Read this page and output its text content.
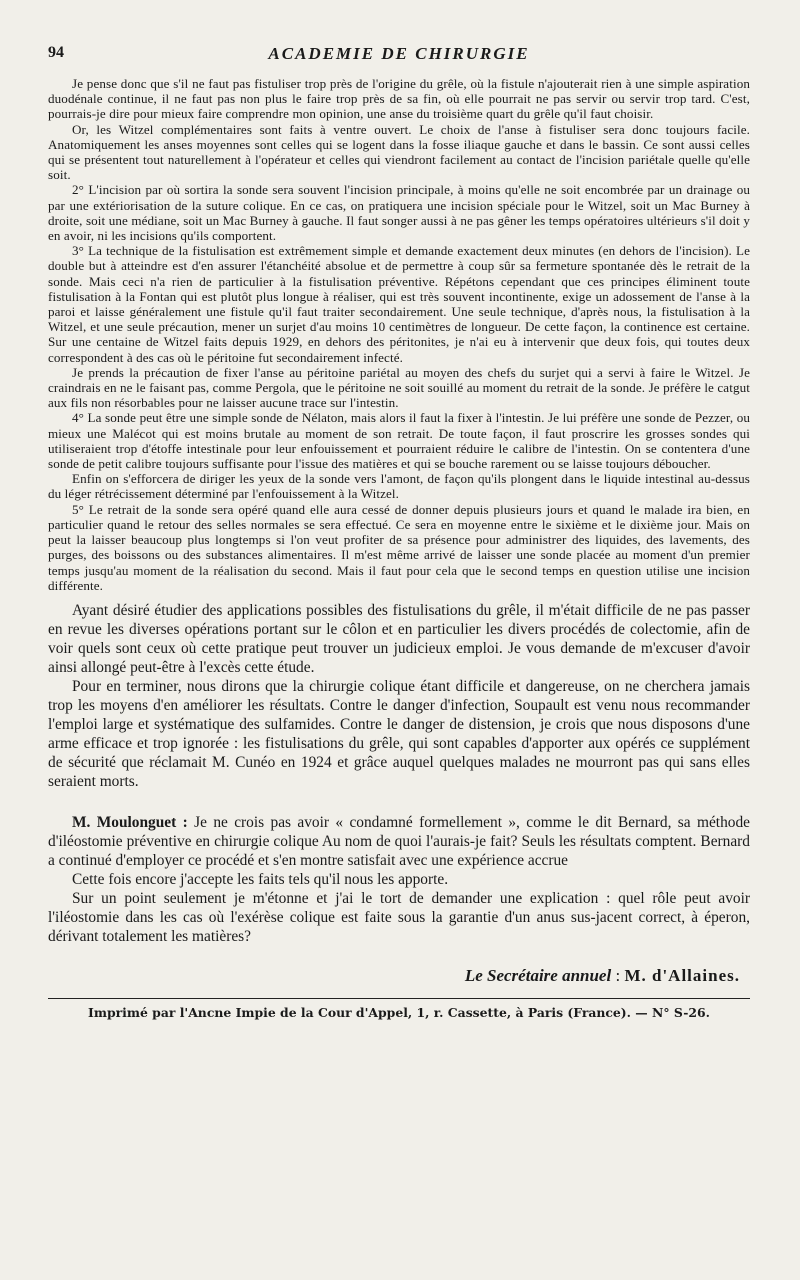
94	ACADEMIE DE CHIRURGIE

Je pense donc que s'il ne faut pas fistuliser trop près de l'origine du grêle, où la fistule n'ajouterait rien à une simple aspiration duodénale continue, il ne faut pas non plus le faire trop près de sa fin, où elle pourrait ne pas servir ou servir trop tard. C'est, pourrais-je dire pour mieux faire comprendre mon opinion, une anse du troisième quart du grêle qu'il faut choisir.

Or, les Witzel complémentaires sont faits à ventre ouvert. Le choix de l'anse à fistuliser sera donc toujours facile. Anatomiquement les anses moyennes sont celles qui se logent dans la fosse iliaque gauche et dans le bassin. Ce sont aussi celles qui se présentent tout naturellement à l'opérateur et celles qui viendront facilement au contact de l'incision pariétale quelle qu'elle soit.

2° L'incision par où sortira la sonde sera souvent l'incision principale, à moins qu'elle ne soit encombrée par un drainage ou par une extériorisation de la suture colique. En ce cas, on pratiquera une incision spéciale pour le Witzel, soit un Mac Burney à droite, soit une médiane, soit un Mac Burney à gauche. Il faut songer aussi à ne pas gêner les temps opératoires ultérieurs s'il doit y en avoir, ni les incisions qu'ils comportent.

3° La technique de la fistulisation est extrêmement simple et demande exactement deux minutes (en dehors de l'incision). Le double but à atteindre est d'en assurer l'étanchéité absolue et de permettre à coup sûr sa fermeture spontanée dès le retrait de la sonde. Mais ceci n'a rien de particulier à la fistulisation préventive. Répétons cependant que ces principes éliminent toute fistulisation à la Fontan qui est plutôt plus longue à réaliser, qui est très souvent incontinente, exige un adossement de l'anse à la paroi et laisse généralement une fistule qu'il faut traiter secondairement. Une seule technique, d'après nous, la fistulisation à la Witzel, et une seule précaution, mener un surjet d'au moins 10 centimètres de longueur. De cette façon, la continence est certaine. Sur une centaine de Witzel faits depuis 1929, en dehors des péritonites, je n'ai eu à intervenir que deux fois, qui toutes deux correspondent à des cas où le péritoine fut secondairement infecté.

Je prends la précaution de fixer l'anse au péritoine pariétal au moyen des chefs du surjet qui a servi à faire le Witzel. Je craindrais en ne le faisant pas, comme Pergola, que le péritoine ne soit souillé au moment du retrait de la sonde. Je préfère le catgut aux fils non résorbables pour ne laisser aucune trace sur l'intestin.

4° La sonde peut être une simple sonde de Nélaton, mais alors il faut la fixer à l'intestin. Je lui préfère une sonde de Pezzer, ou mieux une Malécot qui est moins brutale au moment de son retrait. De toute façon, il faut proscrire les grosses sondes qui utiliseraient trop d'étoffe intestinale pour leur enfouissement et pourraient réduire le calibre de l'intestin. On se contentera d'une sonde de petit calibre toujours suffisante pour l'issue des matières et qui se bouche rarement ou se laisse toujours déboucher.

Enfin on s'efforcera de diriger les yeux de la sonde vers l'amont, de façon qu'ils plongent dans le liquide intestinal au-dessus du léger rétrécissement déterminé par l'enfouissement à la Witzel.

5° Le retrait de la sonde sera opéré quand elle aura cessé de donner depuis plusieurs jours et quand le malade ira bien, en particulier quand le retour des selles normales se sera effectué. Ce sera en moyenne entre le sixième et le dixième jour. Mais on peut la laisser beaucoup plus longtemps si l'on veut profiter de sa présence pour administrer des liquides, des lavements, des purges, des boissons ou des substances alimentaires. Il m'est même arrivé de laisser une sonde placée au moment d'un premier temps jusqu'au moment de la réalisation du second. Mais il faut pour cela que le second temps en question utilise une incision différente.

Ayant désiré étudier des applications possibles des fistulisations du grêle, il m'était difficile de ne pas passer en revue les diverses opérations portant sur le côlon et en particulier les divers procédés de colectomie, afin de voir quels sont ceux où cette pratique peut trouver un judicieux emploi. Je vous demande de m'excuser d'avoir ainsi allongé peut-être à l'excès cette étude.

Pour en terminer, nous dirons que la chirurgie colique étant difficile et dangereuse, on ne cherchera jamais trop les moyens d'en améliorer les résultats. Contre le danger d'infection, Soupault est venu nous recommander l'emploi large et systématique des sulfamides. Contre le danger de distension, je crois que nous disposons d'une arme efficace et trop ignorée : les fistulisations du grêle, qui sont capables d'apporter aux opérés ce supplément de sécurité que réclamait M. Cunéo en 1924 et grâce auquel quelques malades ne mourront pas qui sans elles seraient morts.

M. Moulonguet : Je ne crois pas avoir « condamné formellement », comme le dit Bernard, sa méthode d'iléostomie préventive en chirurgie colique Au nom de quoi l'aurais-je fait? Seuls les résultats comptent. Bernard a continué d'employer ce procédé et s'en montre satisfait avec une expérience accrue

Cette fois encore j'accepte les faits tels qu'il nous les apporte.

Sur un point seulement je m'étonne et j'ai le tort de demander une explication : quel rôle peut avoir l'iléostomie dans les cas où l'exérèse colique est faite sous la garantie d'un anus sus-jacent correct, à éperon, dérivant totalement les matières?

Le Secrétaire annuel : M. d'Allaines.
Imprimé par l'Ancne Impie de la Cour d'Appel, 1, r. Cassette, à Paris (France). — N° S-26.
